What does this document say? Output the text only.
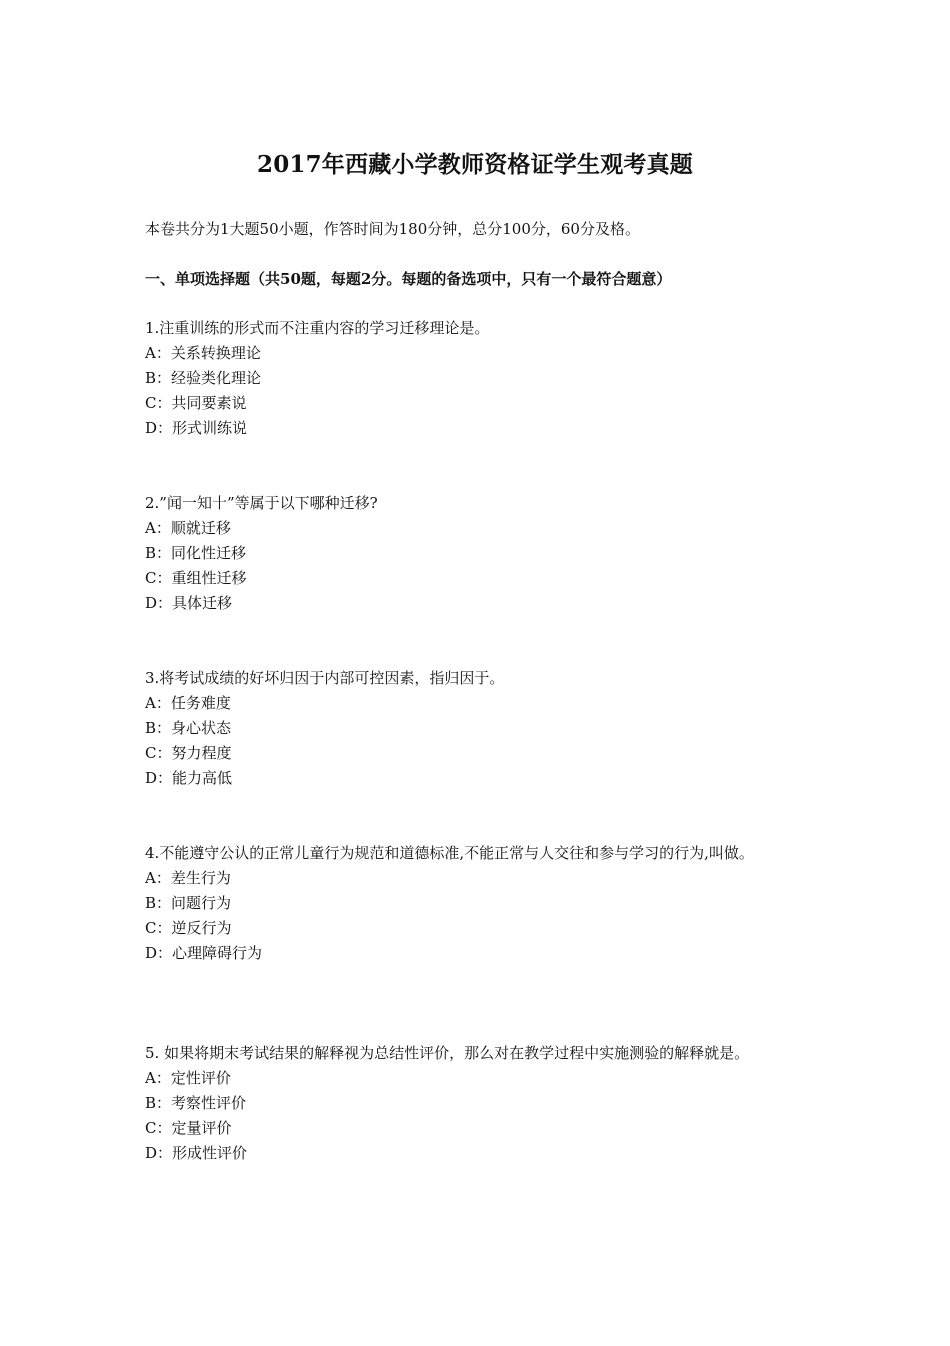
2017年西藏小学教师资格证学生观考真题
本卷共分为1大题50小题，作答时间为180分钟，总分100分，60分及格。
一、单项选择题（共50题，每题2分。每题的备选项中，只有一个最符合题意）

1.注重训练的形式而不注重内容的学习迁移理论是。

A：关系转换理论

B：经验类化理论

C：共同要素说

D：形式训练说

2.”闻一知十”等属于以下哪种迁移?

A：顺就迁移

B：同化性迁移

C：重组性迁移

D：具体迁移

3.将考试成绩的好坏归因于内部可控因素，指归因于。

A：任务难度

B：身心状态

C：努力程度

D：能力高低

4.不能遵守公认的正常儿童行为规范和道德标准,不能正常与人交往和参与学习的行为,叫做。

A：差生行为

B：问题行为

C：逆反行为

D：心理障碍行为

5. 如果将期末考试结果的解释视为总结性评价，那么对在教学过程中实施测验的解释就是。

A：定性评价

B：考察性评价

C：定量评价

D：形成性评价
